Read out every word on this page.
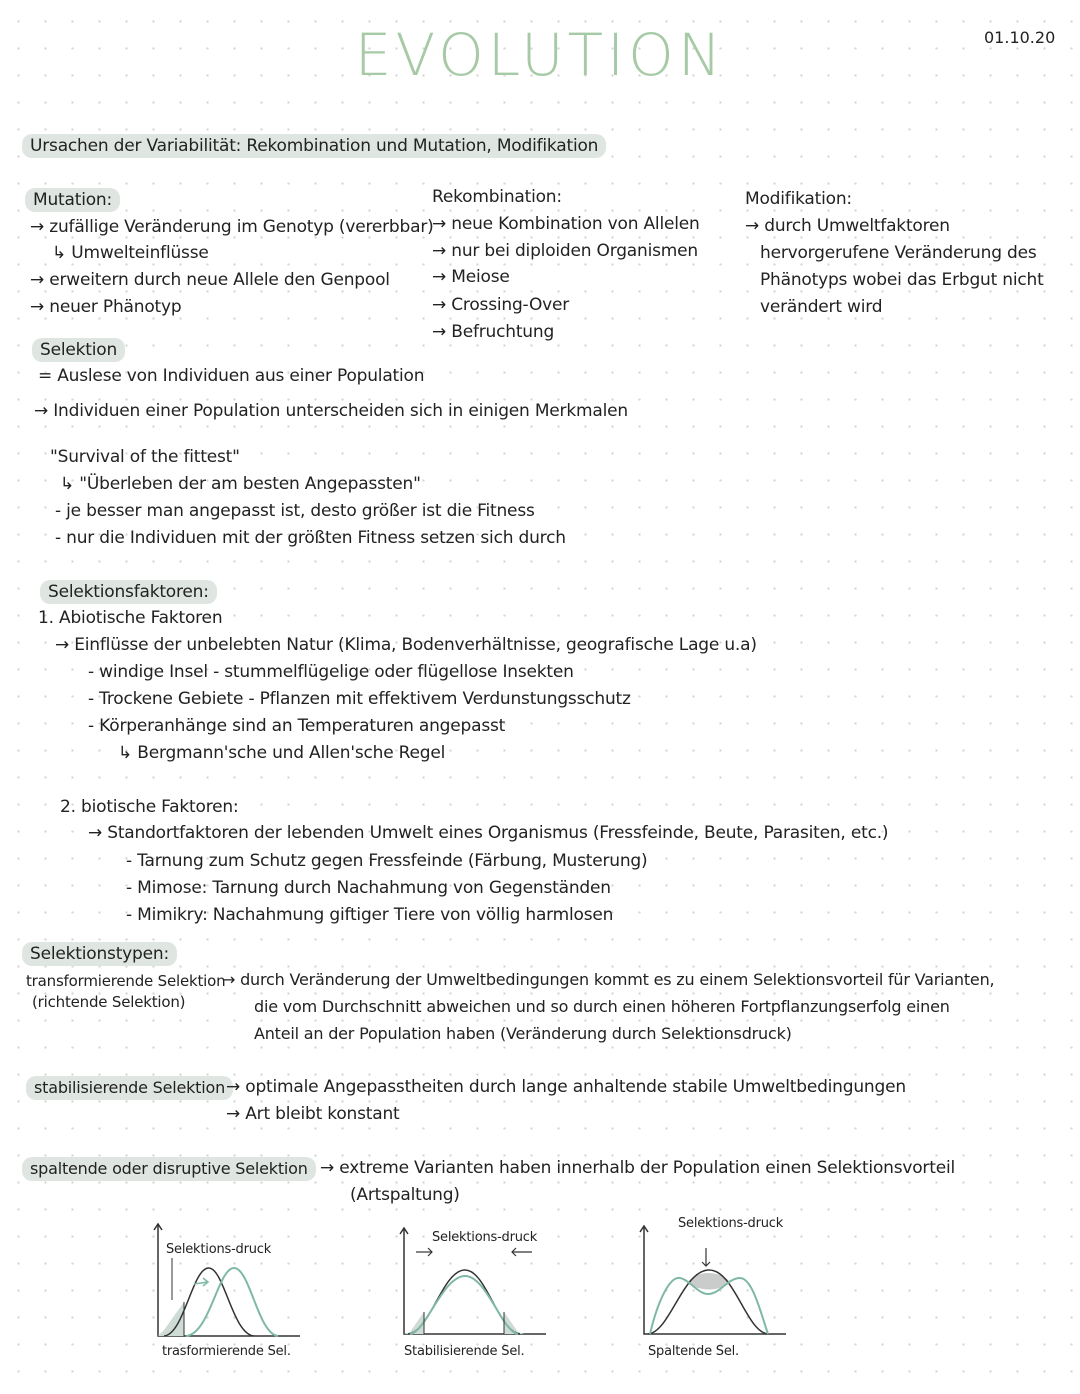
EVOLUTION	01.10.20
Ursachen der Variabilität: Rekombination und Mutation, Modifikation
Mutation:
→ zufällige Veränderung im Genotyp (vererbbar)
↳ Umwelteinflüsse
→ erweitern durch neue Allele den Genpool
→ neuer Phänotyp
Rekombination:
→ neue Kombination von Allelen
→ nur bei diploiden Organismen
→ Meiose
→ Crossing-Over
→ Befruchtung
Modifikation:
→ durch Umweltfaktoren
hervorgerufene Veränderung des
Phänotyps wobei das Erbgut nicht
verändert wird
Selektion
= Auslese von Individuen aus einer Population
→ Individuen einer Population unterscheiden sich in einigen Merkmalen
"Survival of the fittest"
↳ "Überleben der am besten Angepassten"
- je besser man angepasst ist, desto größer ist die Fitness
- nur die Individuen mit der größten Fitness setzen sich durch
Selektionsfaktoren:
1. Abiotische Faktoren
→ Einflüsse der unbelebten Natur (Klima, Bodenverhältnisse, geografische Lage u.a)
- windige Insel - stummelflügelige oder flügellose Insekten
- Trockene Gebiete - Pflanzen mit effektivem Verdunstungsschutz
- Körperanhänge sind an Temperaturen angepasst
↳ Bergmann'sche und Allen'sche Regel
2. biotische Faktoren:
→ Standortfaktoren der lebenden Umwelt eines Organismus (Fressfeinde, Beute, Parasiten, etc.)
- Tarnung zum Schutz gegen Fressfeinde (Färbung, Musterung)
- Mimose: Tarnung durch Nachahmung von Gegenständen
- Mimikry: Nachahmung giftiger Tiere von völlig harmlosen
Selektionstypen:
transformierende Selektion
(richtende Selektion)
→ durch Veränderung der Umweltbedingungen kommt es zu einem Selektionsvorteil für Varianten,
die vom Durchschnitt abweichen und so durch einen höheren Fortpflanzungserfolg einen
Anteil an der Population haben (Veränderung durch Selektionsdruck)
stabilisierende Selektion → optimale Angepasstheiten durch lange anhaltende stabile Umweltbedingungen
→ Art bleibt konstant
spaltende oder disruptive Selektion → extreme Varianten haben innerhalb der Population einen Selektionsvorteil
(Artspaltung)
Selektions-druck
trasformierende Sel.
Selektions-druck
Stabilisierende Sel.
Selektions-druck
Spaltende Sel.
